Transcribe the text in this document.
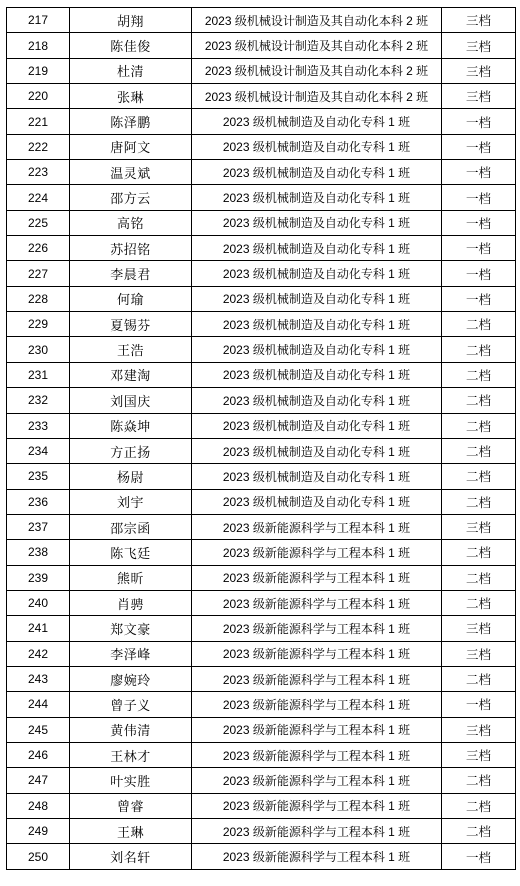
217	胡翔	2023 级机械设计制造及其自动化本科 2 班	三档
218	陈佳俊	2023 级机械设计制造及其自动化本科 2 班	三档
219	杜清	2023 级机械设计制造及其自动化本科 2 班	三档
220	张琳	2023 级机械设计制造及其自动化本科 2 班	三档
221	陈泽鹏	2023 级机械制造及自动化专科 1 班	一档
222	唐阿文	2023 级机械制造及自动化专科 1 班	一档
223	温灵斌	2023 级机械制造及自动化专科 1 班	一档
224	邵方云	2023 级机械制造及自动化专科 1 班	一档
225	高铭	2023 级机械制造及自动化专科 1 班	一档
226	苏招铭	2023 级机械制造及自动化专科 1 班	一档
227	李晨君	2023 级机械制造及自动化专科 1 班	一档
228	何瑜	2023 级机械制造及自动化专科 1 班	一档
229	夏锡芬	2023 级机械制造及自动化专科 1 班	二档
230	王浩	2023 级机械制造及自动化专科 1 班	二档
231	邓建淘	2023 级机械制造及自动化专科 1 班	二档
232	刘国庆	2023 级机械制造及自动化专科 1 班	二档
233	陈焱坤	2023 级机械制造及自动化专科 1 班	二档
234	方正扬	2023 级机械制造及自动化专科 1 班	二档
235	杨尉	2023 级机械制造及自动化专科 1 班	二档
236	刘宇	2023 级机械制造及自动化专科 1 班	二档
237	邵宗函	2023 级新能源科学与工程本科 1 班	三档
238	陈飞廷	2023 级新能源科学与工程本科 1 班	二档
239	熊昕	2023 级新能源科学与工程本科 1 班	二档
240	肖骋	2023 级新能源科学与工程本科 1 班	二档
241	郑文豪	2023 级新能源科学与工程本科 1 班	三档
242	李泽峰	2023 级新能源科学与工程本科 1 班	三档
243	廖婉玲	2023 级新能源科学与工程本科 1 班	二档
244	曾子义	2023 级新能源科学与工程本科 1 班	一档
245	黄伟清	2023 级新能源科学与工程本科 1 班	三档
246	王林才	2023 级新能源科学与工程本科 1 班	三档
247	叶实胜	2023 级新能源科学与工程本科 1 班	二档
248	曾睿	2023 级新能源科学与工程本科 1 班	二档
249	王琳	2023 级新能源科学与工程本科 1 班	二档
250	刘名轩	2023 级新能源科学与工程本科 1 班	一档
